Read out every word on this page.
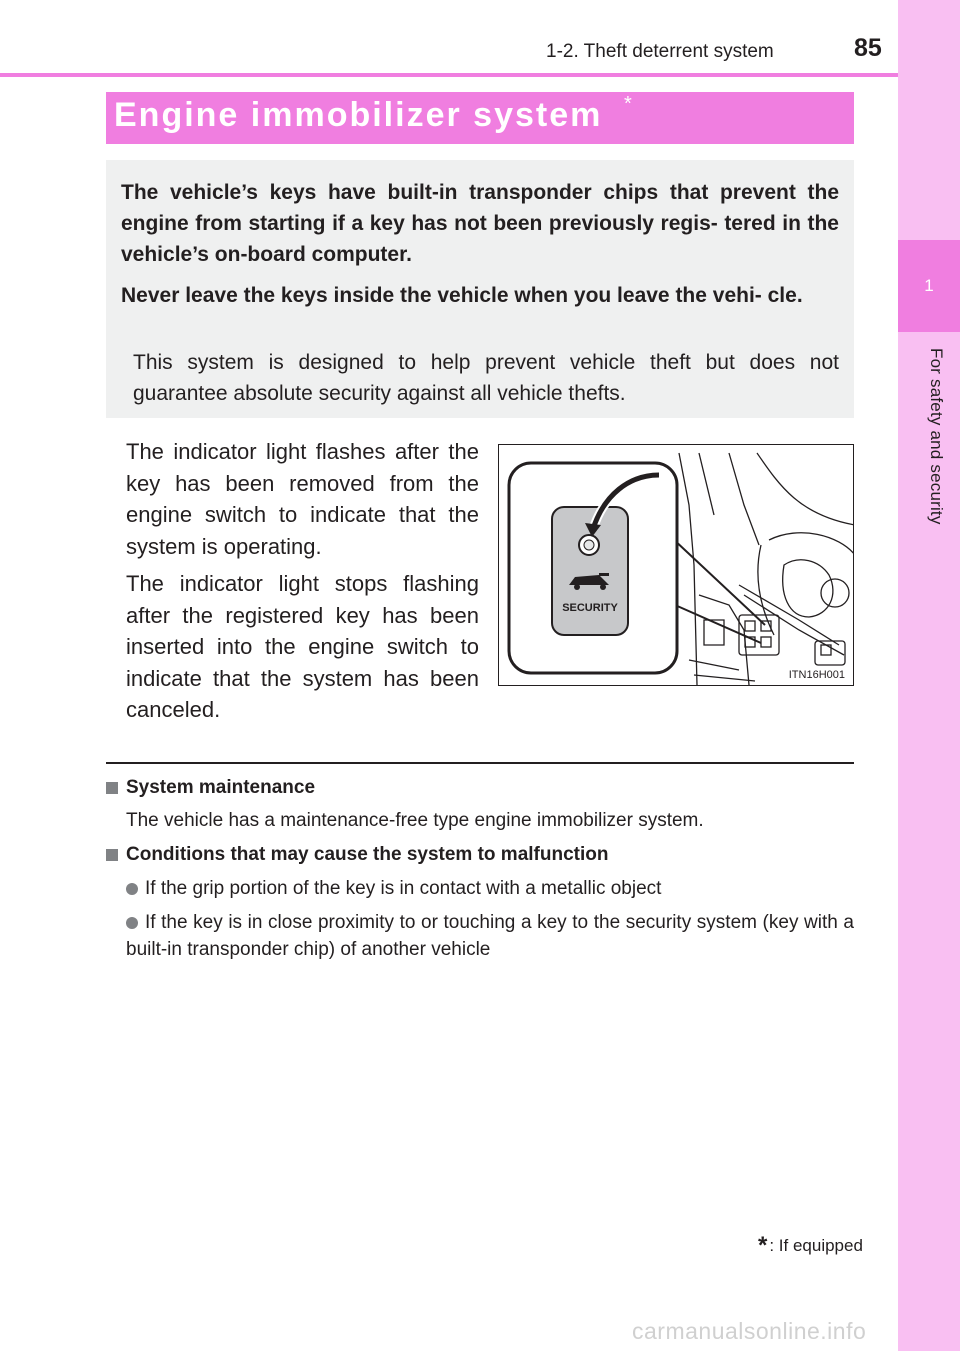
1
For safety and security
1-2. Theft deterrent system	85
Engine immobilizer system *
The vehicle’s keys have built-in transponder chips that prevent the engine from starting if a key has not been previously regis- tered in the vehicle’s on-board computer.
Never leave the keys inside the vehicle when you leave the vehi- cle.
This system is designed to help prevent vehicle theft but does not guarantee absolute security against all vehicle thefts.
The indicator light flashes after the key has been removed from the engine switch to indicate that the system is operating.
The indicator light stops flashing after the registered key has been inserted into the engine switch to indicate that the system has been canceled.
SECURITY
ITN16H001
System maintenance
The vehicle has a maintenance-free type engine immobilizer system.
Conditions that may cause the system to malfunction
If the grip portion of the key is in contact with a metallic object
If the key is in close proximity to or touching a key to the security system (key with a built-in transponder chip) of another vehicle
* : If equipped
carmanualsonline.info
